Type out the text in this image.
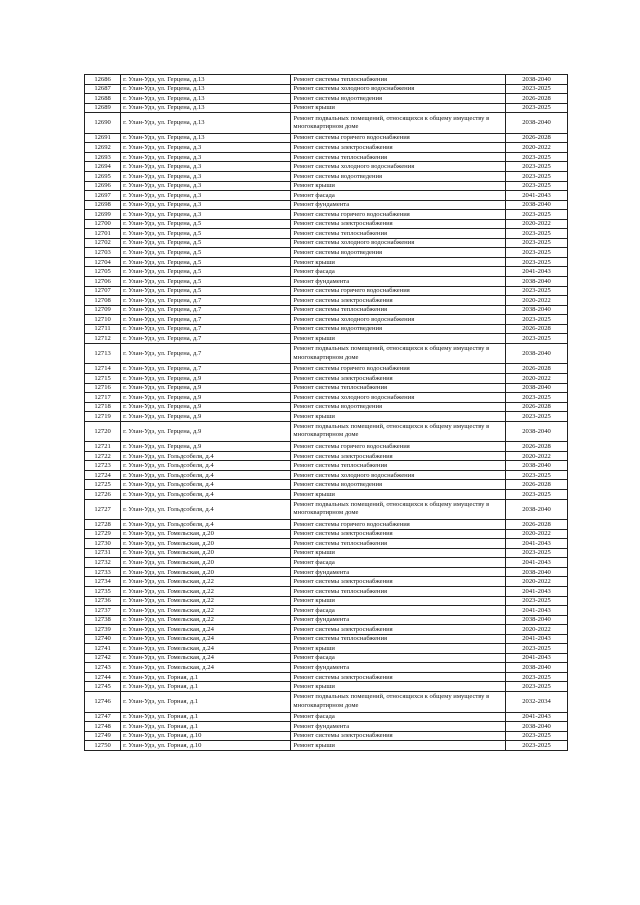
12686	г. Улан-Удэ, ул. Герцена, д.13	Ремонт системы теплоснабжения	2038-2040
12687	г. Улан-Удэ, ул. Герцена, д.13	Ремонт системы холодного водоснабжения	2023-2025
12688	г. Улан-Удэ, ул. Герцена, д.13	Ремонт системы водоотведения	2026-2028
12689	г. Улан-Удэ, ул. Герцена, д.13	Ремонт крыши	2023-2025
12690	г. Улан-Удэ, ул. Герцена, д.13	Ремонт подвальных помещений, относящихся к общему имуществу в многоквартирном доме	2038-2040
12691	г. Улан-Удэ, ул. Герцена, д.13	Ремонт системы горячего водоснабжения	2026-2028
12692	г. Улан-Удэ, ул. Герцена, д.3	Ремонт системы электроснабжения	2020-2022
12693	г. Улан-Удэ, ул. Герцена, д.3	Ремонт системы теплоснабжения	2023-2025
12694	г. Улан-Удэ, ул. Герцена, д.3	Ремонт системы холодного водоснабжения	2023-2025
12695	г. Улан-Удэ, ул. Герцена, д.3	Ремонт системы водоотведения	2023-2025
12696	г. Улан-Удэ, ул. Герцена, д.3	Ремонт крыши	2023-2025
12697	г. Улан-Удэ, ул. Герцена, д.3	Ремонт фасада	2041-2043
12698	г. Улан-Удэ, ул. Герцена, д.3	Ремонт фундамента	2038-2040
12699	г. Улан-Удэ, ул. Герцена, д.3	Ремонт системы горячего водоснабжения	2023-2025
12700	г. Улан-Удэ, ул. Герцена, д.5	Ремонт системы электроснабжения	2020-2022
12701	г. Улан-Удэ, ул. Герцена, д.5	Ремонт системы теплоснабжения	2023-2025
12702	г. Улан-Удэ, ул. Герцена, д.5	Ремонт системы холодного водоснабжения	2023-2025
12703	г. Улан-Удэ, ул. Герцена, д.5	Ремонт системы водоотведения	2023-2025
12704	г. Улан-Удэ, ул. Герцена, д.5	Ремонт крыши	2023-2025
12705	г. Улан-Удэ, ул. Герцена, д.5	Ремонт фасада	2041-2043
12706	г. Улан-Удэ, ул. Герцена, д.5	Ремонт фундамента	2038-2040
12707	г. Улан-Удэ, ул. Герцена, д.5	Ремонт системы горячего водоснабжения	2023-2025
12708	г. Улан-Удэ, ул. Герцена, д.7	Ремонт системы электроснабжения	2020-2022
12709	г. Улан-Удэ, ул. Герцена, д.7	Ремонт системы теплоснабжения	2038-2040
12710	г. Улан-Удэ, ул. Герцена, д.7	Ремонт системы холодного водоснабжения	2023-2025
12711	г. Улан-Удэ, ул. Герцена, д.7	Ремонт системы водоотведения	2026-2028
12712	г. Улан-Удэ, ул. Герцена, д.7	Ремонт крыши	2023-2025
12713	г. Улан-Удэ, ул. Герцена, д.7	Ремонт подвальных помещений, относящихся к общему имуществу в многоквартирном доме	2038-2040
12714	г. Улан-Удэ, ул. Герцена, д.7	Ремонт системы горячего водоснабжения	2026-2028
12715	г. Улан-Удэ, ул. Герцена, д.9	Ремонт системы электроснабжения	2020-2022
12716	г. Улан-Удэ, ул. Герцена, д.9	Ремонт системы теплоснабжения	2038-2040
12717	г. Улан-Удэ, ул. Герцена, д.9	Ремонт системы холодного водоснабжения	2023-2025
12718	г. Улан-Удэ, ул. Герцена, д.9	Ремонт системы водоотведения	2026-2028
12719	г. Улан-Удэ, ул. Герцена, д.9	Ремонт крыши	2023-2025
12720	г. Улан-Удэ, ул. Герцена, д.9	Ремонт подвальных помещений, относящихся к общему имуществу в многоквартирном доме	2038-2040
12721	г. Улан-Удэ, ул. Герцена, д.9	Ремонт системы горячего водоснабжения	2026-2028
12722	г. Улан-Удэ, ул. Гольдсобеля, д.4	Ремонт системы электроснабжения	2020-2022
12723	г. Улан-Удэ, ул. Гольдсобеля, д.4	Ремонт системы теплоснабжения	2038-2040
12724	г. Улан-Удэ, ул. Гольдсобеля, д.4	Ремонт системы холодного водоснабжения	2023-2025
12725	г. Улан-Удэ, ул. Гольдсобеля, д.4	Ремонт системы водоотведения	2026-2028
12726	г. Улан-Удэ, ул. Гольдсобеля, д.4	Ремонт крыши	2023-2025
12727	г. Улан-Удэ, ул. Гольдсобеля, д.4	Ремонт подвальных помещений, относящихся к общему имуществу в многоквартирном доме	2038-2040
12728	г. Улан-Удэ, ул. Гольдсобеля, д.4	Ремонт системы горячего водоснабжения	2026-2028
12729	г. Улан-Удэ, ул. Гомельская, д.20	Ремонт системы электроснабжения	2020-2022
12730	г. Улан-Удэ, ул. Гомельская, д.20	Ремонт системы теплоснабжения	2041-2043
12731	г. Улан-Удэ, ул. Гомельская, д.20	Ремонт крыши	2023-2025
12732	г. Улан-Удэ, ул. Гомельская, д.20	Ремонт фасада	2041-2043
12733	г. Улан-Удэ, ул. Гомельская, д.20	Ремонт фундамента	2038-2040
12734	г. Улан-Удэ, ул. Гомельская, д.22	Ремонт системы электроснабжения	2020-2022
12735	г. Улан-Удэ, ул. Гомельская, д.22	Ремонт системы теплоснабжения	2041-2043
12736	г. Улан-Удэ, ул. Гомельская, д.22	Ремонт крыши	2023-2025
12737	г. Улан-Удэ, ул. Гомельская, д.22	Ремонт фасада	2041-2043
12738	г. Улан-Удэ, ул. Гомельская, д.22	Ремонт фундамента	2038-2040
12739	г. Улан-Удэ, ул. Гомельская, д.24	Ремонт системы электроснабжения	2020-2022
12740	г. Улан-Удэ, ул. Гомельская, д.24	Ремонт системы теплоснабжения	2041-2043
12741	г. Улан-Удэ, ул. Гомельская, д.24	Ремонт крыши	2023-2025
12742	г. Улан-Удэ, ул. Гомельская, д.24	Ремонт фасада	2041-2043
12743	г. Улан-Удэ, ул. Гомельская, д.24	Ремонт фундамента	2038-2040
12744	г. Улан-Удэ, ул. Горная, д.1	Ремонт системы электроснабжения	2023-2025
12745	г. Улан-Удэ, ул. Горная, д.1	Ремонт крыши	2023-2025
12746	г. Улан-Удэ, ул. Горная, д.1	Ремонт подвальных помещений, относящихся к общему имуществу в многоквартирном доме	2032-2034
12747	г. Улан-Удэ, ул. Горная, д.1	Ремонт фасада	2041-2043
12748	г. Улан-Удэ, ул. Горная, д.1	Ремонт фундамента	2038-2040
12749	г. Улан-Удэ, ул. Горная, д.10	Ремонт системы электроснабжения	2023-2025
12750	г. Улан-Удэ, ул. Горная, д.10	Ремонт крыши	2023-2025
